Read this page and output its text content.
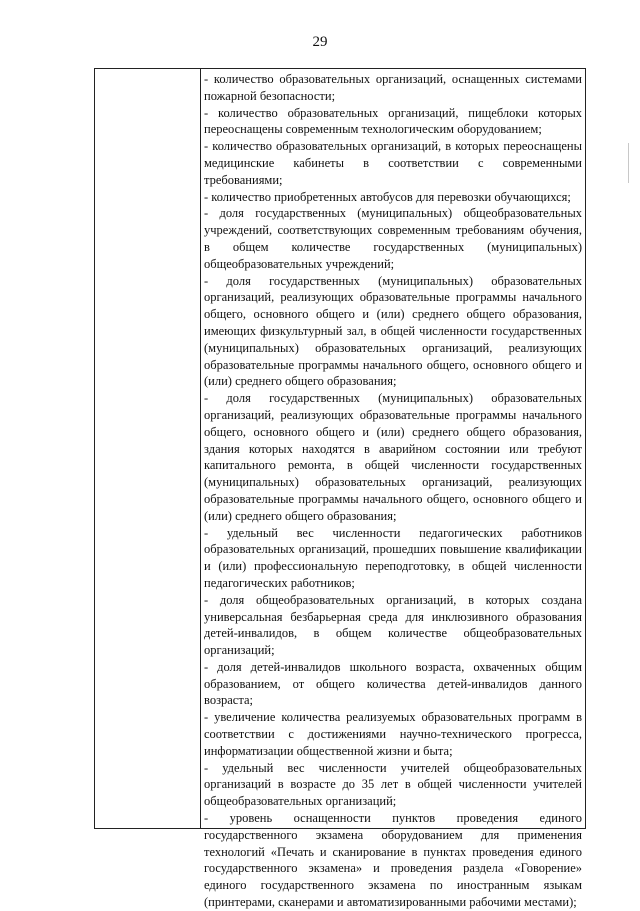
29

- количество образовательных организаций, оснащенных системами пожарной безопасности;

- количество образовательных организаций, пищеблоки которых переоснащены современным технологическим оборудованием;

- количество образовательных организаций, в которых переоснащены медицинские кабинеты в соответствии с современными требованиями;

- количество приобретенных автобусов для перевозки обучающихся;

- доля государственных (муниципальных) общеобразовательных учреждений, соответствующих современным требованиям обучения, в общем количестве государственных (муниципальных) общеобразовательных учреждений;

- доля государственных (муниципальных) образовательных организаций, реализующих образовательные программы начального общего, основного общего и (или) среднего общего образования, имеющих физкультурный зал, в общей численности государственных (муниципальных) образовательных организаций, реализующих образовательные программы начального общего, основного общего и (или) среднего общего образования;

- доля государственных (муниципальных) образовательных организаций, реализующих образовательные программы начального общего, основного общего и (или) среднего общего образования, здания которых находятся в аварийном состоянии или требуют капитального ремонта, в общей численности государственных (муниципальных) образовательных организаций, реализующих образовательные программы начального общего, основного общего и (или) среднего общего образования;

- удельный вес численности педагогических работников образовательных организаций, прошедших повышение квалификации и (или) профессиональную переподготовку, в общей численности педагогических работников;

- доля общеобразовательных организаций, в которых создана универсальная безбарьерная среда для инклюзивного образования детей-инвалидов, в общем количестве общеобразовательных организаций;

- доля детей-инвалидов школьного возраста, охваченных общим образованием, от общего количества детей-инвалидов данного возраста;

- увеличение количества реализуемых образовательных программ в соответствии с достижениями научно-технического прогресса, информатизации общественной жизни и быта;

- удельный вес численности учителей общеобразовательных организаций в возрасте до 35 лет в общей численности учителей общеобразовательных организаций;

- уровень оснащенности пунктов проведения единого государственного экзамена оборудованием для применения технологий «Печать и сканирование в пунктах проведения единого государственного экзамена» и проведения раздела «Говорение» единого государственного экзамена по иностранным языкам (принтерами, сканерами и автоматизированными рабочими местами);
